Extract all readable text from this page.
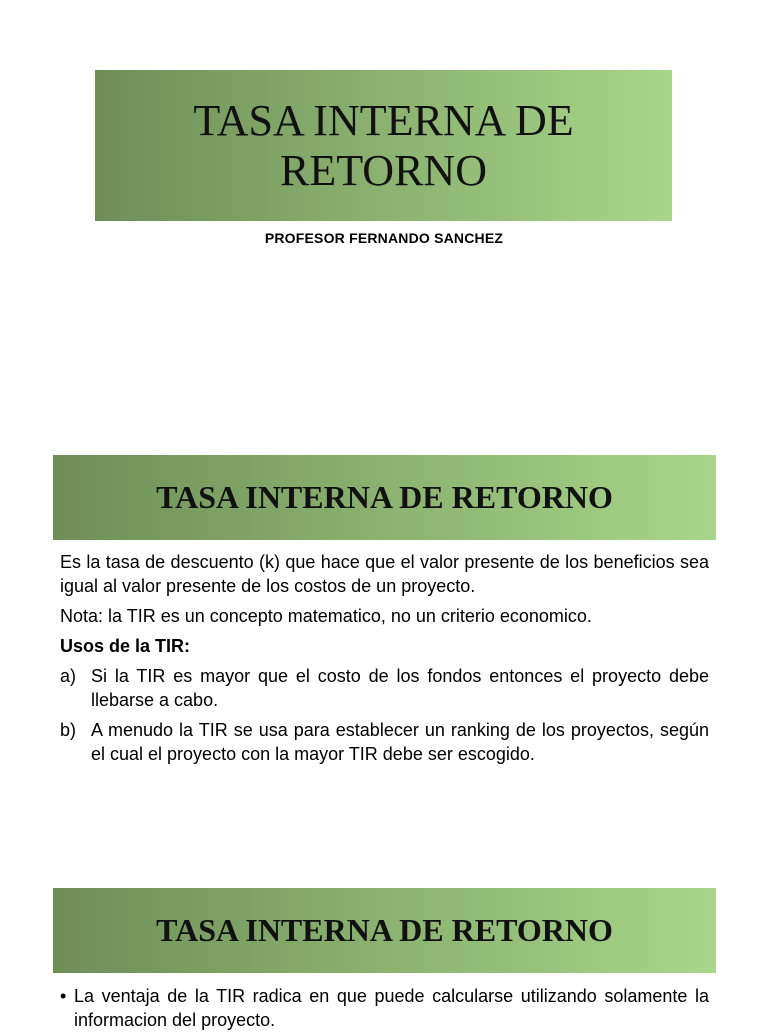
TASA INTERNA DE
RETORNO
PROFESOR FERNANDO SANCHEZ
TASA INTERNA DE RETORNO

Es la tasa de descuento (k) que hace que el valor presente de los beneficios sea igual al valor presente de los costos de un proyecto.

Nota: la TIR es un concepto matematico, no un criterio economico.

Usos de la TIR:

a) Si la TIR es mayor que el costo de los fondos entonces el proyecto debe llebarse a cabo.
b) A menudo la TIR se usa para establecer un ranking de los proyectos, según el cual el proyecto con la mayor TIR debe ser escogido.
TASA INTERNA DE RETORNO
• La ventaja de la TIR radica en que puede calcularse utilizando solamente la informacion del proyecto.
